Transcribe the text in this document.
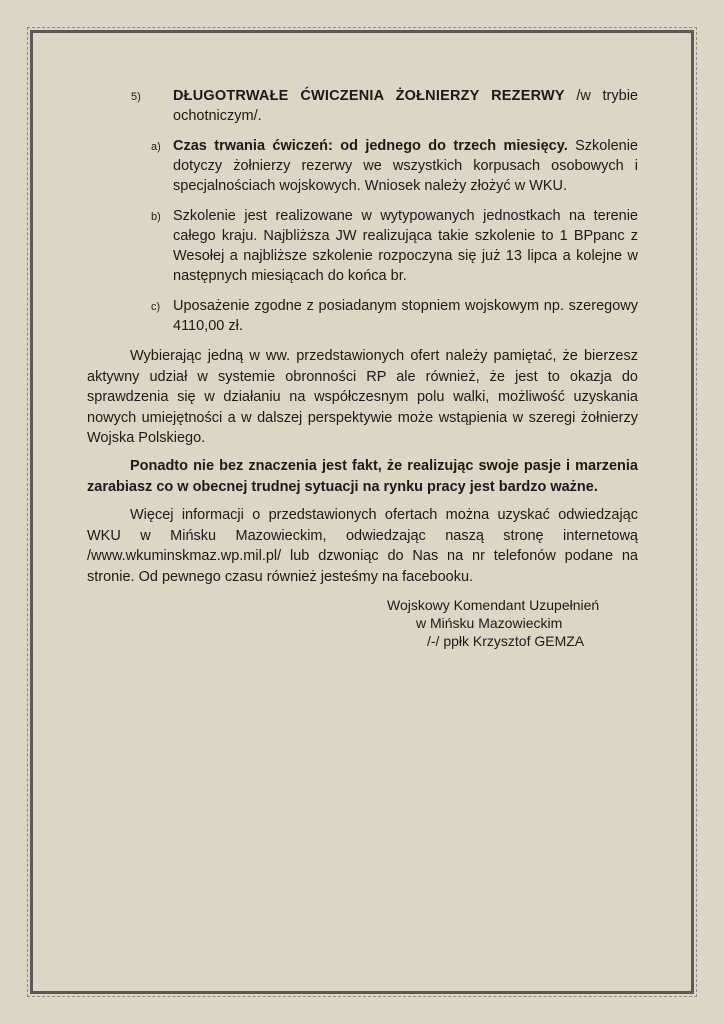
5) DŁUGOTRWAŁE ĆWICZENIA ŻOŁNIERZY REZERWY /w trybie ochotniczym/.
a) Czas trwania ćwiczeń: od jednego do trzech miesięcy. Szkolenie dotyczy żołnierzy rezerwy we wszystkich korpusach osobowych i specjalnościach wojskowych. Wniosek należy złożyć w WKU.
b) Szkolenie jest realizowane w wytypowanych jednostkach na terenie całego kraju. Najbliższa JW realizująca takie szkolenie to 1 BPpanc z Wesołej a najbliższe szkolenie rozpoczyna się już 13 lipca a kolejne w następnych miesiącach do końca br.
c) Uposażenie zgodne z posiadanym stopniem wojskowym np. szeregowy 4110,00 zł.
Wybierając jedną w ww. przedstawionych ofert należy pamiętać, że bierzesz aktywny udział w systemie obronności RP ale również, że jest to okazja do sprawdzenia się w działaniu na współczesnym polu walki, możliwość uzyskania nowych umiejętności a w dalszej perspektywie może wstąpienia w szeregi żołnierzy Wojska Polskiego.
Ponadto nie bez znaczenia jest fakt, że realizując swoje pasje i marzenia zarabiasz co w obecnej trudnej sytuacji na rynku pracy jest bardzo ważne.
Więcej informacji o przedstawionych ofertach można uzyskać odwiedzając WKU w Mińsku Mazowieckim, odwiedzając naszą stronę internetową /www.wkuminskmaz.wp.mil.pl/ lub dzwoniąc do Nas na nr telefonów podane na stronie. Od pewnego czasu również jesteśmy na facebooku.
Wojskowy Komendant Uzupełnień
w Mińsku Mazowieckim
/-/ ppłk Krzysztof GEMZA
